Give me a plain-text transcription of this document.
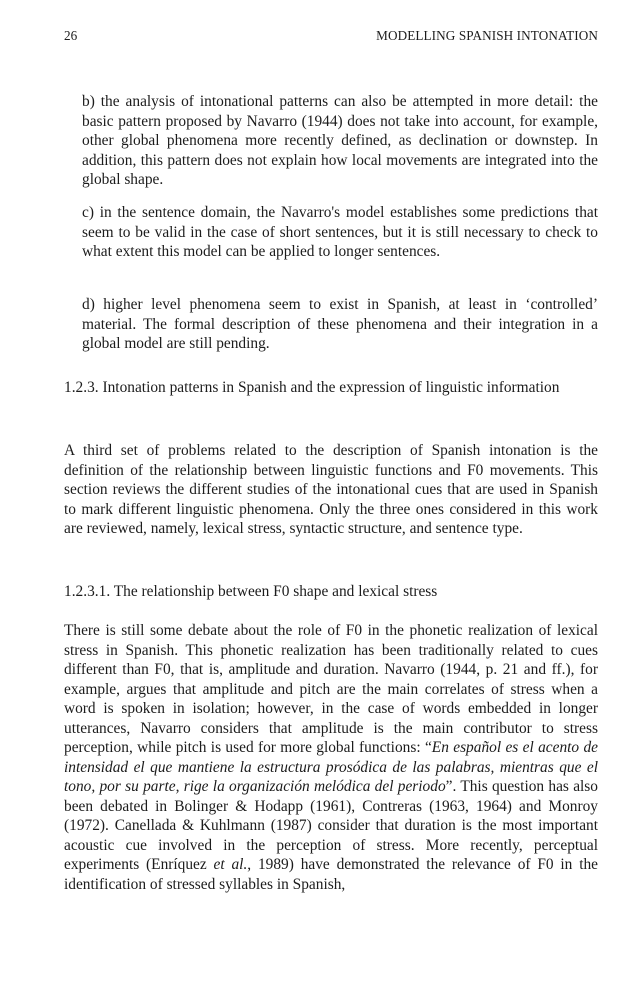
26	MODELLING SPANISH INTONATION

b) the analysis of intonational patterns can also be attempted in more detail: the basic pattern proposed by Navarro (1944) does not take into account, for example, other global phenomena more recently defined, as declination or downstep. In addition, this pattern does not explain how local movements are integrated into the global shape.

c) in the sentence domain, the Navarro's model establishes some predictions that seem to be valid in the case of short sentences, but it is still necessary to check to what extent this model can be applied to longer sentences.

d) higher level phenomena seem to exist in Spanish, at least in ‘controlled’ material. The formal description of these phenomena and their integration in a global model are still pending.

1.2.3. Intonation patterns in Spanish and the expression of linguistic information

A third set of problems related to the description of Spanish intonation is the definition of the relationship between linguistic functions and F0 movements. This section reviews the different studies of the intonational cues that are used in Spanish to mark different linguistic phenomena. Only the three ones considered in this work are reviewed, namely, lexical stress, syntactic structure, and sentence type.

1.2.3.1. The relationship between F0 shape and lexical stress

There is still some debate about the role of F0 in the phonetic realization of lexical stress in Spanish. This phonetic realization has been traditionally related to cues different than F0, that is, amplitude and duration. Navarro (1944, p. 21 and ff.), for example, argues that amplitude and pitch are the main correlates of stress when a word is spoken in isolation; however, in the case of words embedded in longer utterances, Navarro considers that amplitude is the main contributor to stress perception, while pitch is used for more global functions: “En español es el acento de intensidad el que mantiene la estructura prosódica de las palabras, mientras que el tono, por su parte, rige la organización melódica del periodo”. This question has also been debated in Bolinger & Hodapp (1961), Contreras (1963, 1964) and Monroy (1972). Canellada & Kuhlmann (1987) consider that duration is the most important acoustic cue involved in the perception of stress. More recently, perceptual experiments (Enríquez et al., 1989) have demonstrated the relevance of F0 in the identification of stressed syllables in Spanish,
